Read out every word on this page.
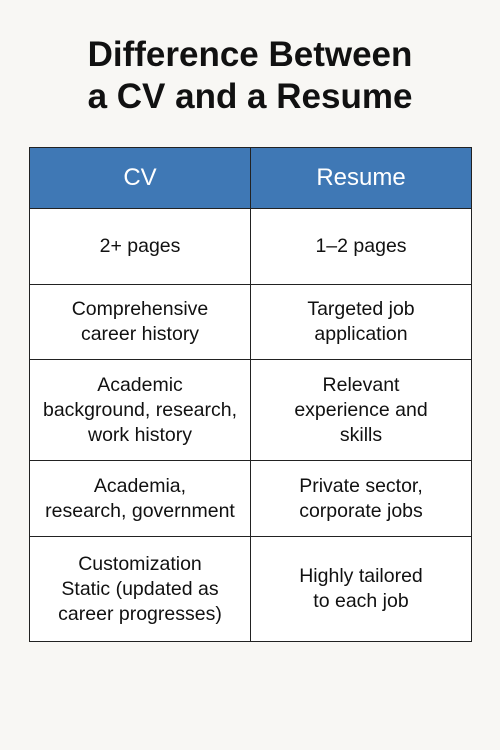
Difference Between
a CV and a Resume
CV	Resume

2+ pages	1–2 pages

Comprehensive
career history	Targeted job
application

Academic
background, research,
work history	Relevant
experience and
skills

Academia,
research, government	Private sector,
corporate jobs

Customization
Static (updated as
career progresses)	Highly tailored
to each job
